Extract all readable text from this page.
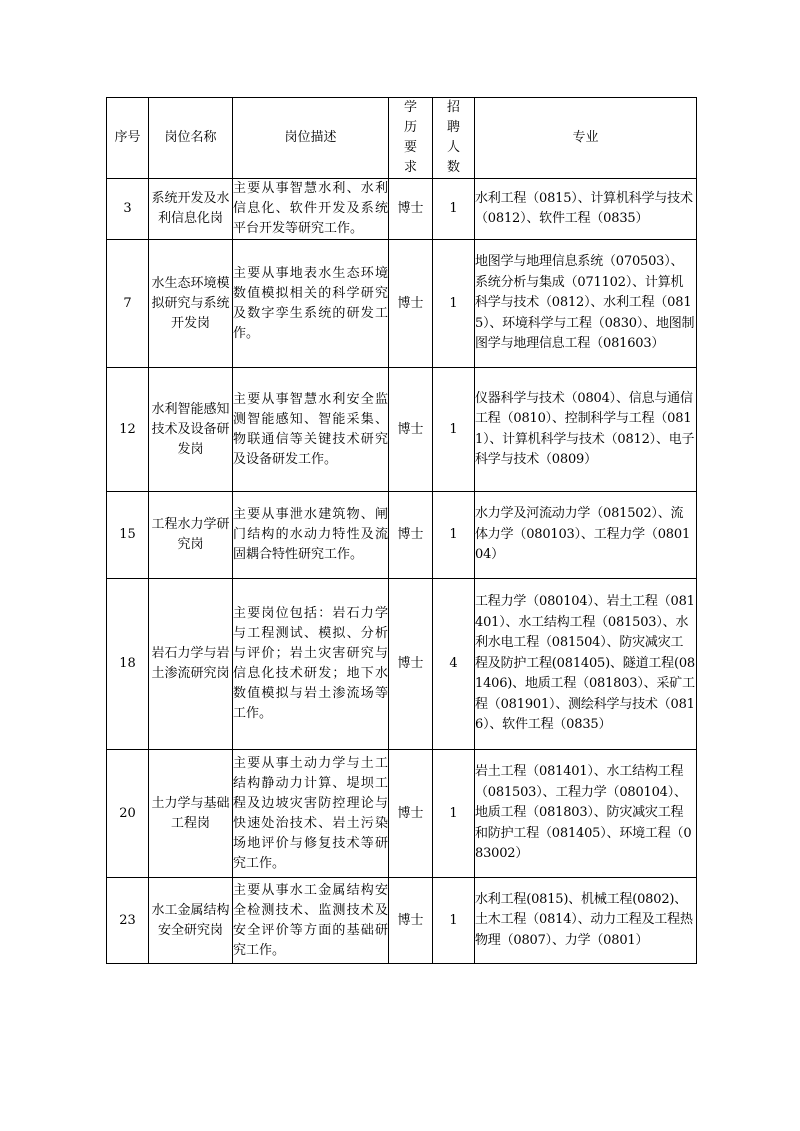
序号	岗位名称	岗位描述	学历要求	招聘人数	专业
3	系统开发及水利信息化岗	主要从事智慧水利、水利信息化、软件开发及系统平台开发等研究工作。	博士	1	水利工程（0815）、计算机科学与技术（0812）、软件工程（0835）
7	水生态环境模拟研究与系统开发岗	主要从事地表水生态环境数值模拟相关的科学研究及数字孪生系统的研发工作。	博士	1	地图学与地理信息系统（070503）、系统分析与集成（071102）、计算机科学与技术（0812）、水利工程（0815）、环境科学与工程（0830）、地图制图学与地理信息工程（081603）
12	水利智能感知技术及设备研发岗	主要从事智慧水利安全监测智能感知、智能采集、物联通信等关键技术研究及设备研发工作。	博士	1	仪器科学与技术（0804）、信息与通信工程（0810）、控制科学与工程（0811）、计算机科学与技术（0812）、电子科学与技术（0809）
15	工程水力学研究岗	主要从事泄水建筑物、闸门结构的水动力特性及流固耦合特性研究工作。	博士	1	水力学及河流动力学（081502）、流体力学（080103）、工程力学（080104）
18	岩石力学与岩土渗流研究岗	主要岗位包括：岩石力学与工程测试、模拟、分析与评价；岩土灾害研究与信息化技术研发；地下水数值模拟与岩土渗流场等工作。	博士	4	工程力学（080104）、岩土工程（081401）、水工结构工程（081503）、水利水电工程（081504）、防灾减灾工程及防护工程(081405)、隧道工程(081406)、地质工程（081803）、采矿工程（081901）、测绘科学与技术（0816）、软件工程（0835）
20	土力学与基础工程岗	主要从事土动力学与土工结构静动力计算、堤坝工程及边坡灾害防控理论与快速处治技术、岩土污染场地评价与修复技术等研究工作。	博士	1	岩土工程（081401）、水工结构工程（081503）、工程力学（080104）、地质工程（081803）、防灾减灾工程和防护工程（081405）、环境工程（083002）
23	水工金属结构安全研究岗	主要从事水工金属结构安全检测技术、监测技术及安全评价等方面的基础研究工作。	博士	1	水利工程(0815)、机械工程(0802)、土木工程（0814）、动力工程及工程热物理（0807）、力学（0801）
